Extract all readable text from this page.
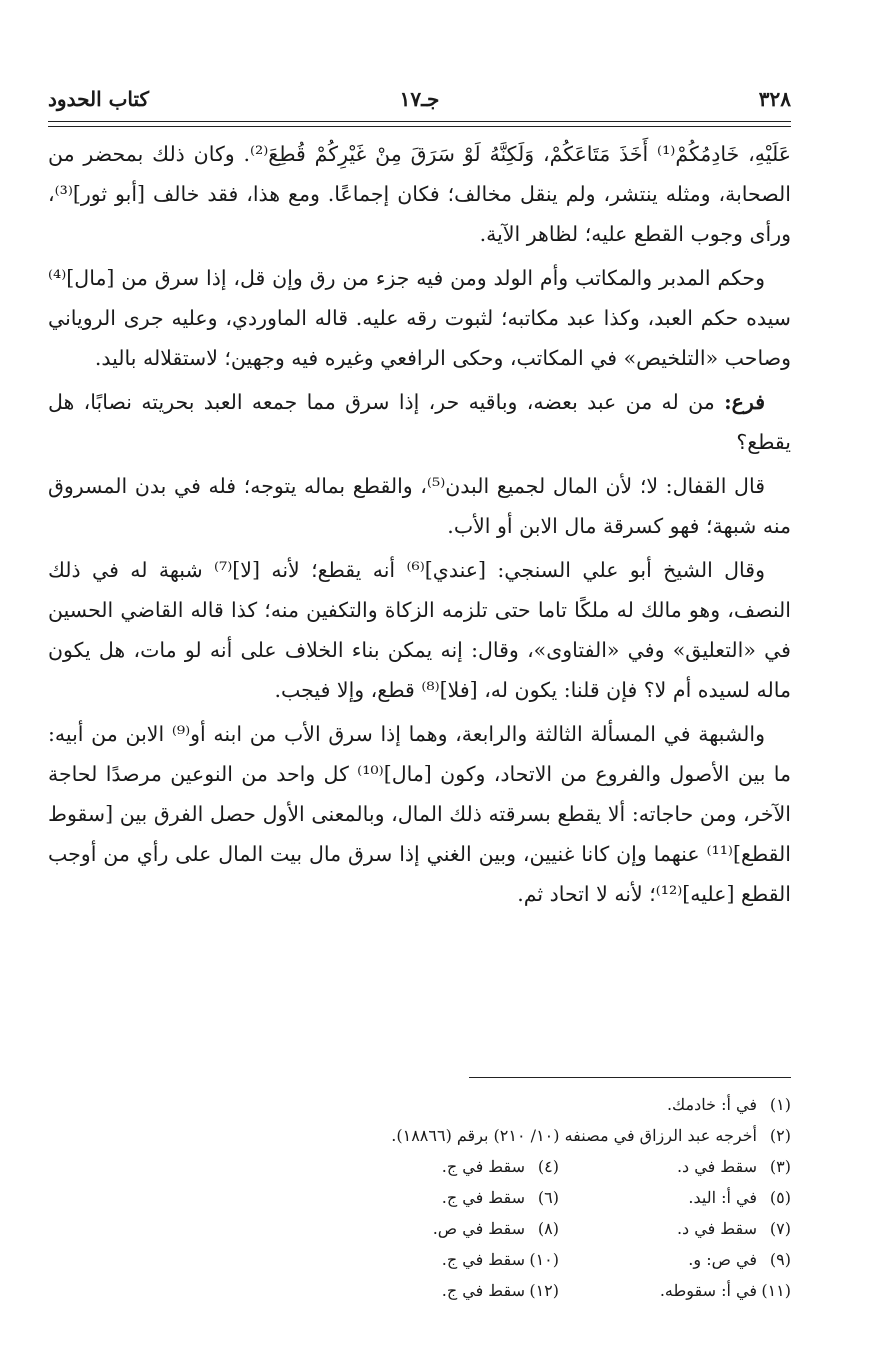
٣٢٨
جـ١٧
كتاب الحدود

عَلَيْهِ، خَادِمُكُمْ⁽¹⁾ أَخَذَ مَتَاعَكُمْ، وَلَكِنَّهُ لَوْ سَرَقَ مِنْ غَيْرِكُمْ قُطِعَ⁽²⁾. وكان ذلك بمحضر من الصحابة، ومثله ينتشر، ولم ينقل مخالف؛ فكان إجماعًا. ومع هذا، فقد خالف [أبو ثور]⁽³⁾، ورأى وجوب القطع عليه؛ لظاهر الآية.

وحكم المدبر والمكاتب وأم الولد ومن فيه جزء من رق وإن قل، إذا سرق من [مال]⁽⁴⁾ سيده حكم العبد، وكذا عبد مكاتبه؛ لثبوت رقه عليه. قاله الماوردي، وعليه جرى الروياني وصاحب «التلخيص» في المكاتب، وحكى الرافعي وغيره فيه وجهين؛ لاستقلاله باليد.

فرع: من له من عبد بعضه، وباقيه حر، إذا سرق مما جمعه العبد بحريته نصابًا، هل يقطع؟

قال القفال: لا؛ لأن المال لجميع البدن⁽⁵⁾، والقطع بماله يتوجه؛ فله في بدن المسروق منه شبهة؛ فهو كسرقة مال الابن أو الأب.

وقال الشيخ أبو علي السنجي: [عندي]⁽⁶⁾ أنه يقطع؛ لأنه [لا]⁽⁷⁾ شبهة له في ذلك النصف، وهو مالك له ملكًا تاما حتى تلزمه الزكاة والتكفين منه؛ كذا قاله القاضي الحسين في «التعليق» وفي «الفتاوى»، وقال: إنه يمكن بناء الخلاف على أنه لو مات، هل يكون ماله لسيده أم لا؟ فإن قلنا: يكون له، [فلا]⁽⁸⁾ قطع، وإلا فيجب.

والشبهة في المسألة الثالثة والرابعة، وهما إذا سرق الأب من ابنه أو⁽⁹⁾ الابن من أبيه: ما بين الأصول والفروع من الاتحاد، وكون [مال]⁽¹⁰⁾ كل واحد من النوعين مرصدًا لحاجة الآخر، ومن حاجاته: ألا يقطع بسرقته ذلك المال، وبالمعنى الأول حصل الفرق بين [سقوط القطع]⁽¹¹⁾ عنهما وإن كانا غنيين، وبين الغني إذا سرق مال بيت المال على رأي من أوجب القطع [عليه]⁽¹²⁾؛ لأنه لا اتحاد ثم.

(١)في أ: خادمك.
(٢)أخرجه عبد الرزاق في مصنفه (١٠/ ٢١٠) برقم (١٨٨٦٦).
(٣)سقط في د.
(٤)سقط في ج.
(٥)في أ: اليد.
(٦)سقط في ج.
(٧)سقط في د.
(٨)سقط في ص.
(٩)في ص: و.
(١٠)سقط في ج.
(١١)في أ: سقوطه.
(١٢)سقط في ج.
